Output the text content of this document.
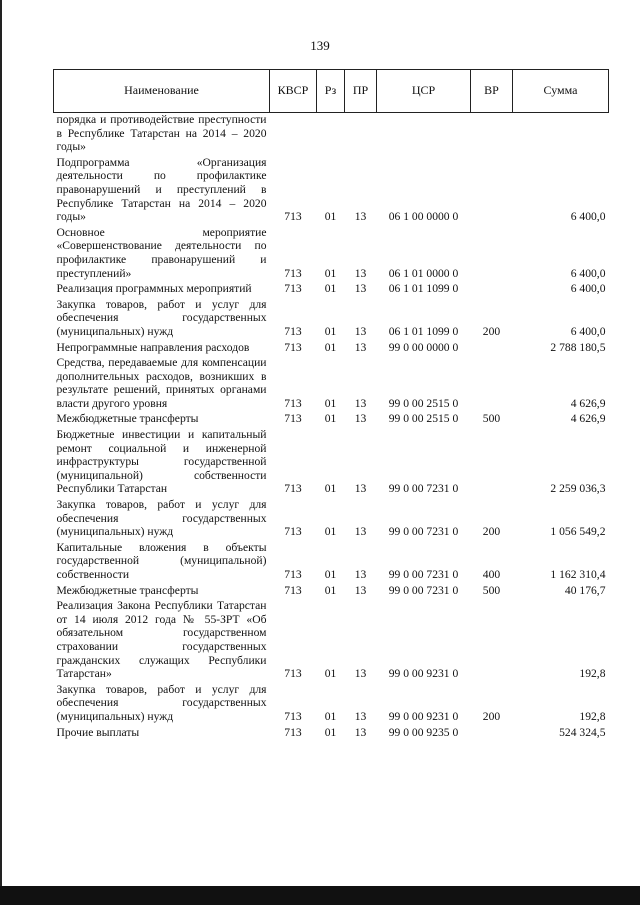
139
Наименование	КВСР	Рз	ПР	ЦСР	ВР	Сумма
порядка и противодействие преступности в Республике Татарстан на 2014 – 2020 годы»						
Подпрограмма «Организация деятельности по профилактике правонарушений и преступлений в Республике Татарстан на 2014 – 2020 годы»	713	01	13	06 1 00 0000 0		6 400,0
Основное мероприятие «Совершенствование деятельности по профилактике правонарушений и преступлений»	713	01	13	06 1 01 0000 0		6 400,0
Реализация программных мероприятий	713	01	13	06 1 01 1099 0		6 400,0
Закупка товаров, работ и услуг для обеспечения государственных (муниципальных) нужд	713	01	13	06 1 01 1099 0	200	6 400,0
Непрограммные направления расходов	713	01	13	99 0 00 0000 0		2 788 180,5
Средства, передаваемые для компенсации дополнительных расходов, возникших в результате решений, принятых органами власти другого уровня	713	01	13	99 0 00 2515 0		4 626,9
Межбюджетные трансферты	713	01	13	99 0 00 2515 0	500	4 626,9
Бюджетные инвестиции и капитальный ремонт социальной и инженерной инфраструктуры государственной (муниципальной) собственности Республики Татарстан	713	01	13	99 0 00 7231 0		2 259 036,3
Закупка товаров, работ и услуг для обеспечения государственных (муниципальных) нужд	713	01	13	99 0 00 7231 0	200	1 056 549,2
Капитальные вложения в объекты государственной (муниципальной) собственности	713	01	13	99 0 00 7231 0	400	1 162 310,4
Межбюджетные трансферты	713	01	13	99 0 00 7231 0	500	40 176,7
Реализация Закона Республики Татарстан от 14 июля 2012 года № 55-ЗРТ «Об обязательном государственном страховании государственных гражданских служащих Республики Татарстан»	713	01	13	99 0 00 9231 0		192,8
Закупка товаров, работ и услуг для обеспечения государственных (муниципальных) нужд	713	01	13	99 0 00 9231 0	200	192,8
Прочие выплаты	713	01	13	99 0 00 9235 0		524 324,5
